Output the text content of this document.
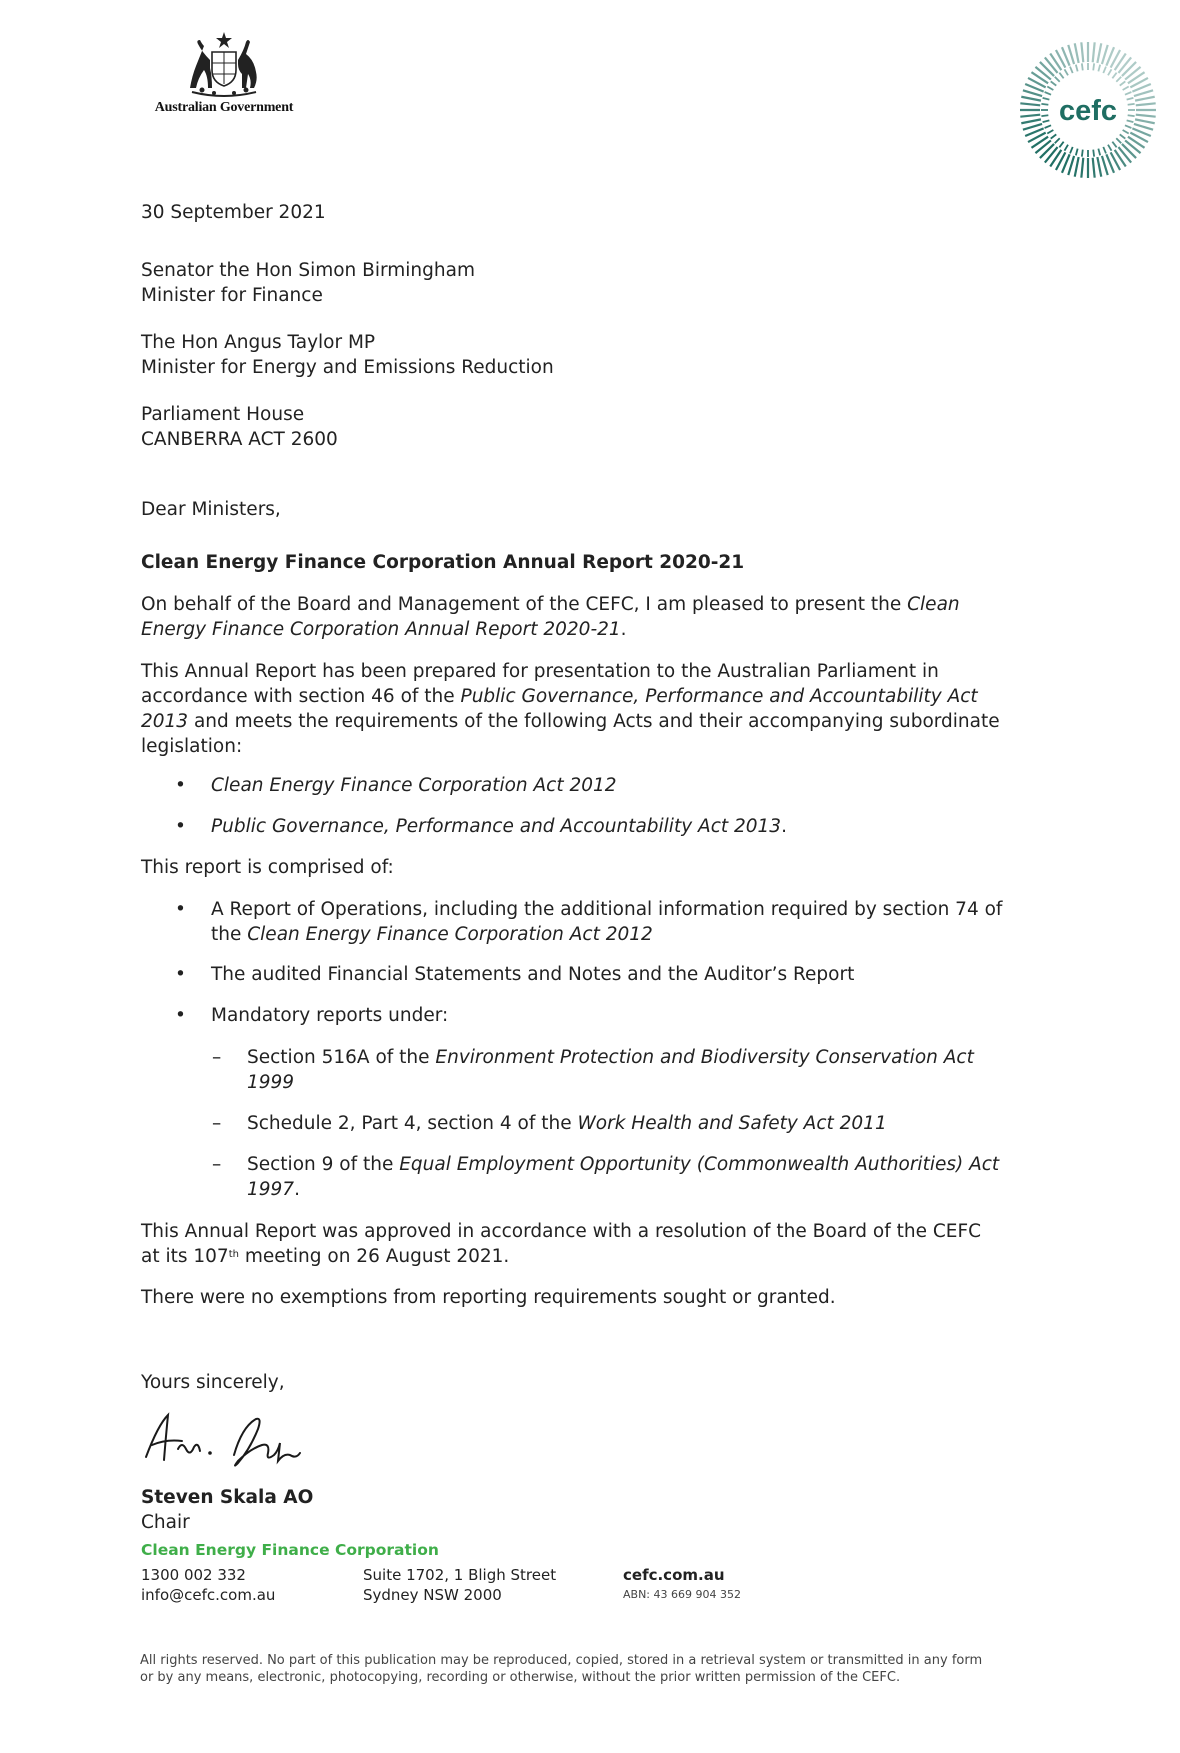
Australian Government	cefc
30 September 2021
Senator the Hon Simon Birmingham
Minister for Finance
The Hon Angus Taylor MP
Minister for Energy and Emissions Reduction
Parliament House
CANBERRA ACT 2600
Dear Ministers,
Clean Energy Finance Corporation Annual Report 2020-21
On behalf of the Board and Management of the CEFC, I am pleased to present the Clean
Energy Finance Corporation Annual Report 2020-21.
This Annual Report has been prepared for presentation to the Australian Parliament in
accordance with section 46 of the Public Governance, Performance and Accountability Act
2013 and meets the requirements of the following Acts and their accompanying subordinate
legislation:
• Clean Energy Finance Corporation Act 2012
• Public Governance, Performance and Accountability Act 2013.
This report is comprised of:
• A Report of Operations, including the additional information required by section 74 of
the Clean Energy Finance Corporation Act 2012
• The audited Financial Statements and Notes and the Auditor’s Report
• Mandatory reports under:
– Section 516A of the Environment Protection and Biodiversity Conservation Act
1999
– Schedule 2, Part 4, section 4 of the Work Health and Safety Act 2011
– Section 9 of the Equal Employment Opportunity (Commonwealth Authorities) Act
1997.
This Annual Report was approved in accordance with a resolution of the Board of the CEFC
at its 107th meeting on 26 August 2021.
There were no exemptions from reporting requirements sought or granted.
Yours sincerely,
Steven Skala AO
Chair
Clean Energy Finance Corporation
1300 002 332
info@cefc.com.au
Suite 1702, 1 Bligh Street
Sydney NSW 2000
cefc.com.au
ABN: 43 669 904 352
All rights reserved. No part of this publication may be reproduced, copied, stored in a retrieval system or transmitted in any form
or by any means, electronic, photocopying, recording or otherwise, without the prior written permission of the CEFC.
